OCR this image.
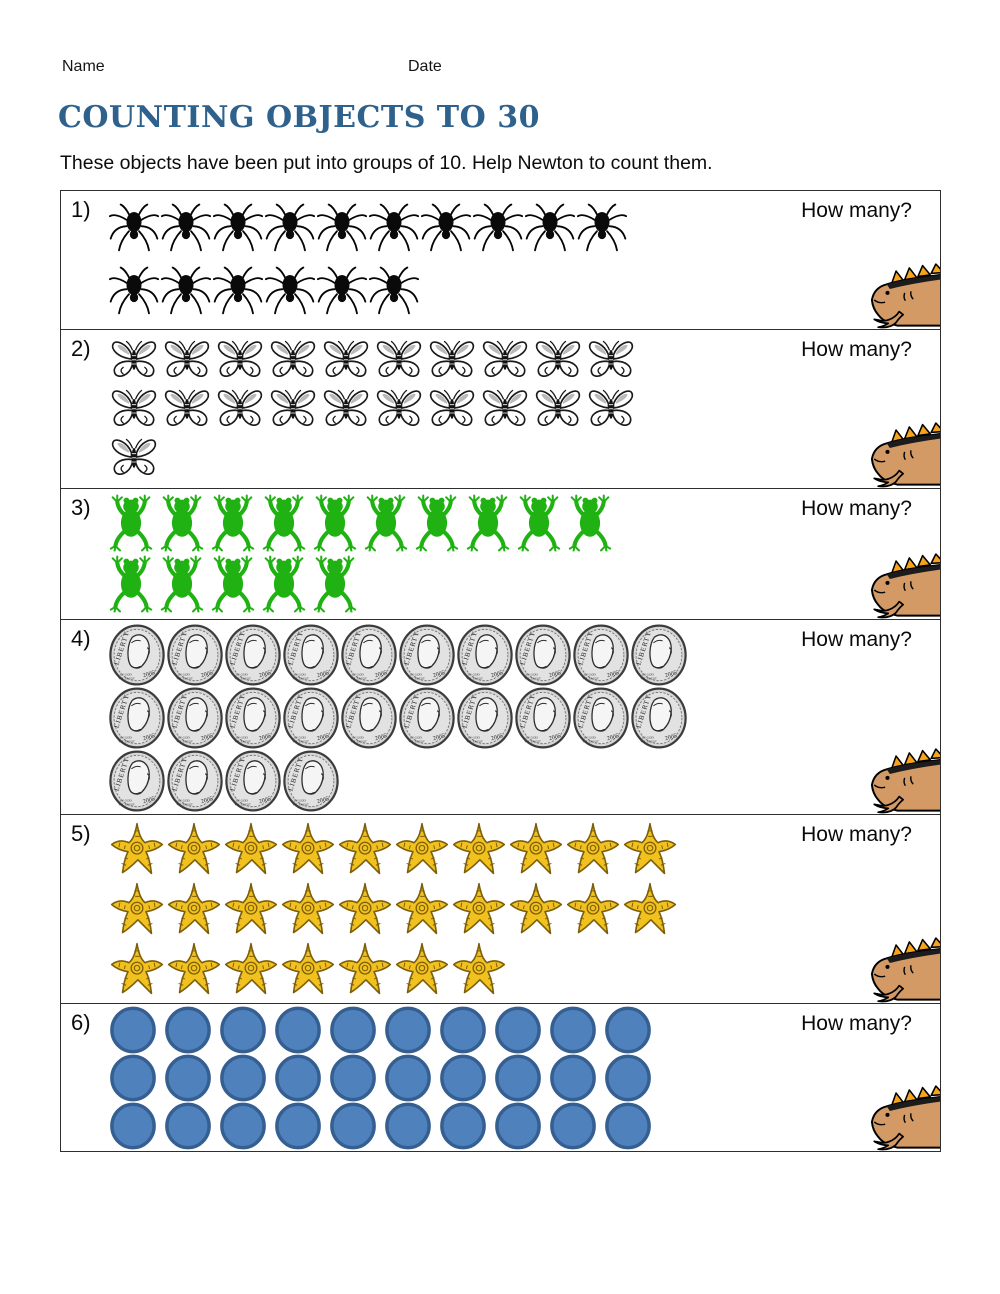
Name	Date
COUNTING OBJECTS TO 30

These objects have been put into groups of 10. Help Newton to count them.

1)	How many?
2)	How many?
3)	How many?
4)	How many?
5)	How many?
6)	How many?
